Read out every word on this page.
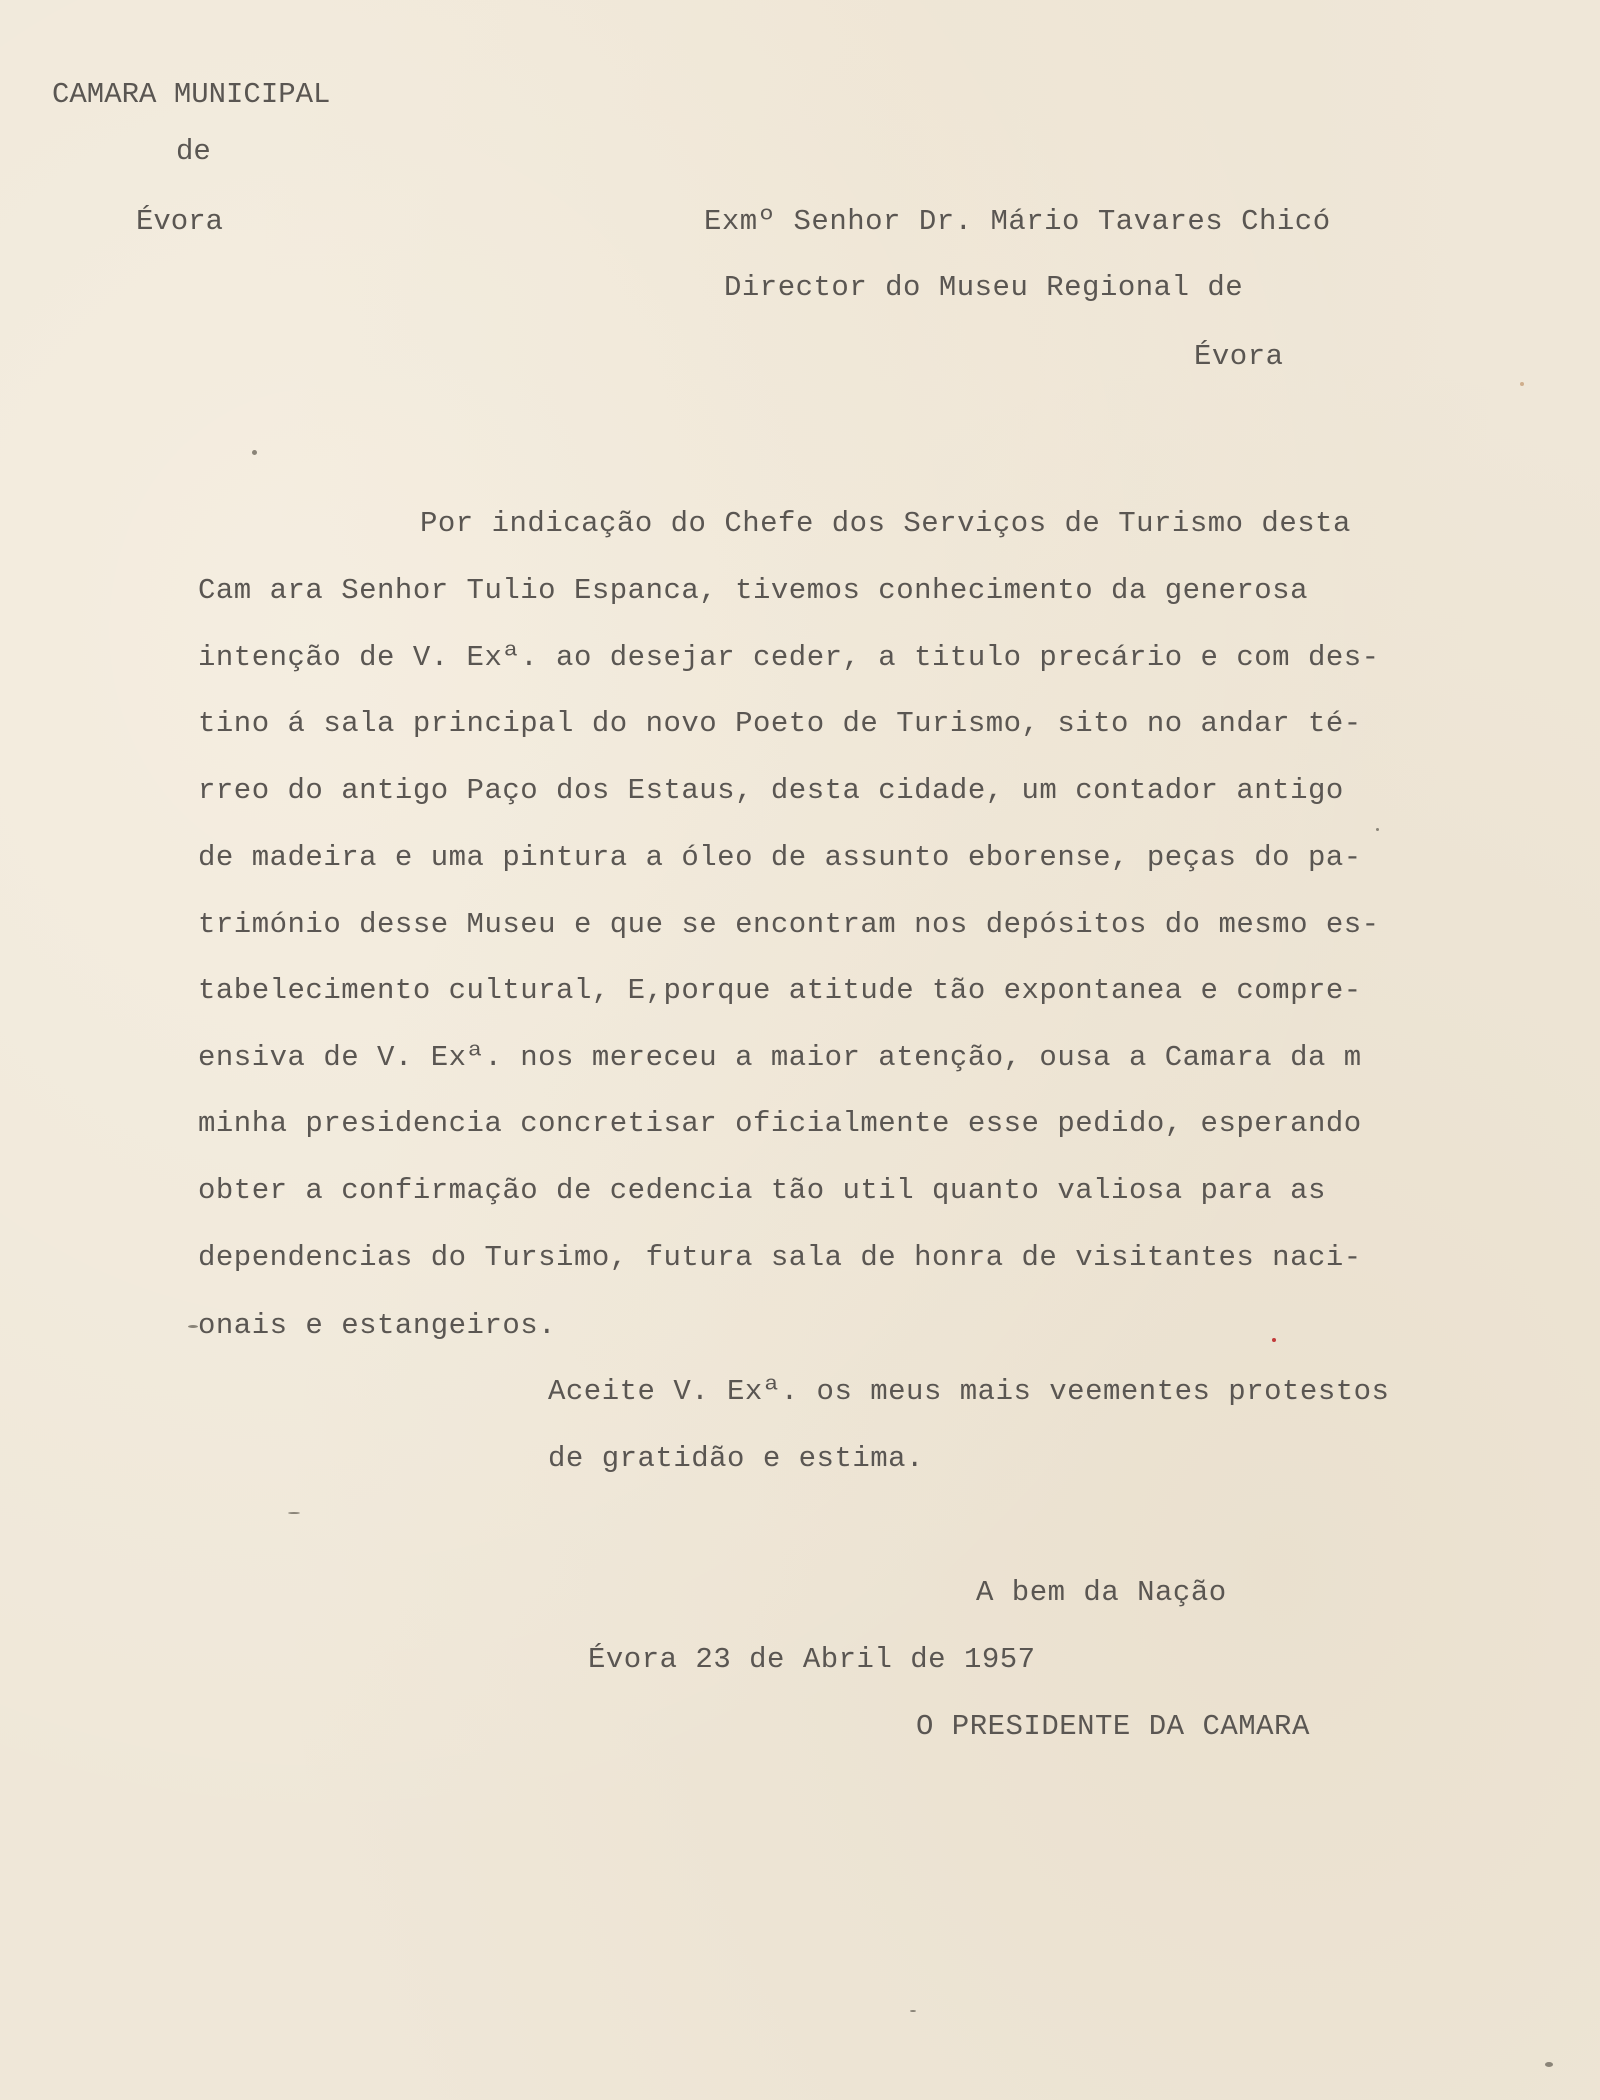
CAMARA MUNICIPAL
de
Évora	Exmº Senhor Dr. Mário Tavares Chicó
Director do Museu Regional de
Évora
Por indicação do Chefe dos Serviços de Turismo desta
Cam ara Senhor Tulio Espanca, tivemos conhecimento da generosa
intenção de V. Exª. ao desejar ceder, a titulo precário e com des-
tino á sala principal do novo Poeto de Turismo, sito no andar té-
rreo do antigo Paço dos Estaus, desta cidade, um contador antigo
de madeira e uma pintura a óleo de assunto eborense, peças do pa-
trimónio desse Museu e que se encontram nos depósitos do mesmo es-
tabelecimento cultural, E,porque atitude tão expontanea e compre-
ensiva de V. Exª. nos mereceu a maior atenção, ousa a Camara da m
minha presidencia concretisar oficialmente esse pedido, esperando
obter a confirmação de cedencia tão util quanto valiosa para as
dependencias do Tursimo, futura sala de honra de visitantes naci-
onais e estangeiros.
Aceite V. Exª. os meus mais veementes protestos
de gratidão e estima.
A bem da Nação
Évora 23 de Abril de 1957
O PRESIDENTE DA CAMARA
